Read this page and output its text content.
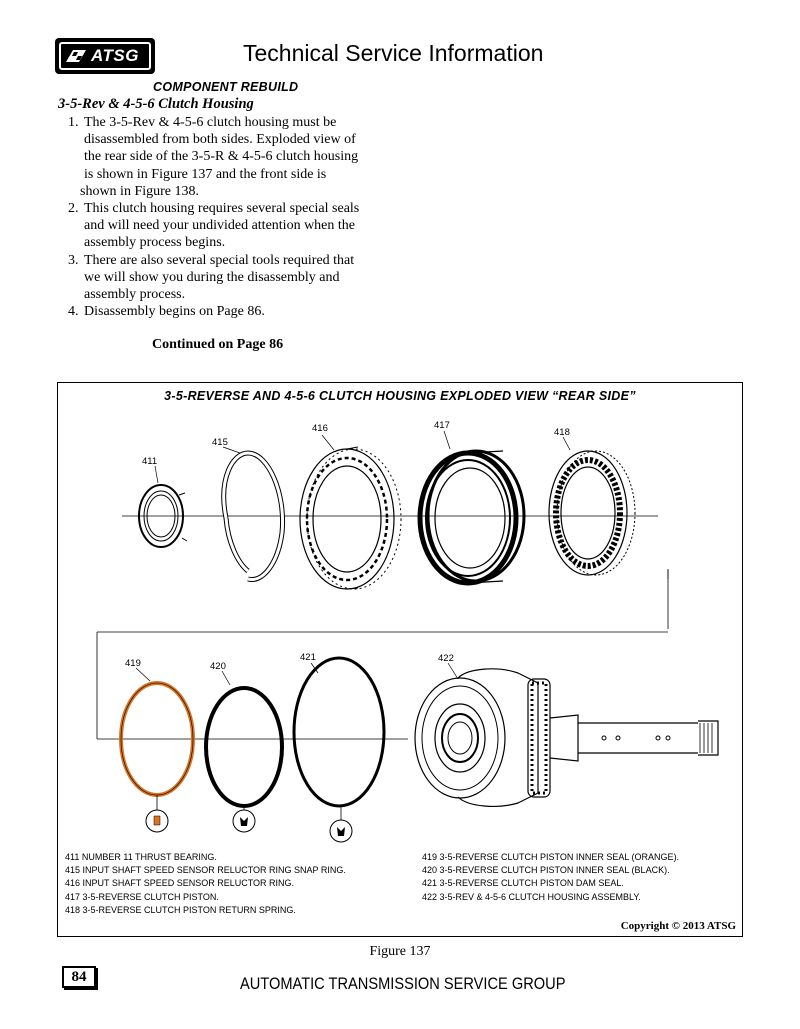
ATSG	Technical Service Information
COMPONENT REBUILD
3-5-Rev & 4-5-6 Clutch Housing
1. The 3-5-Rev & 4-5-6 clutch housing must be
disassembled from both sides. Exploded view of
the rear side of the 3-5-R & 4-5-6 clutch housing
is shown in Figure 137 and the front side is
shown in Figure 138.
2. This clutch housing requires several special seals
and will need your undivided attention when the
assembly process begins.
3. There are also several special tools required that
we will show you during the disassembly and
assembly process.
4. Disassembly begins on Page 86.
Continued on Page 86
3-5-REVERSE AND 4-5-6 CLUTCH HOUSING EXPLODED VIEW “REAR SIDE”
411
415
416	417
418
419	420
421	422
411 NUMBER 11 THRUST BEARING.
415 INPUT SHAFT SPEED SENSOR RELUCTOR RING SNAP RING.
416 INPUT SHAFT SPEED SENSOR RELUCTOR RING.
417 3-5-REVERSE CLUTCH PISTON.
418 3-5-REVERSE CLUTCH PISTON RETURN SPRING.
419 3-5-REVERSE CLUTCH PISTON INNER SEAL (ORANGE).
420 3-5-REVERSE CLUTCH PISTON INNER SEAL (BLACK).
421 3-5-REVERSE CLUTCH PISTON DAM SEAL.
422 3-5-REV & 4-5-6 CLUTCH HOUSING ASSEMBLY.
Copyright © 2013 ATSG
Figure 137
84	AUTOMATIC TRANSMISSION SERVICE GROUP
